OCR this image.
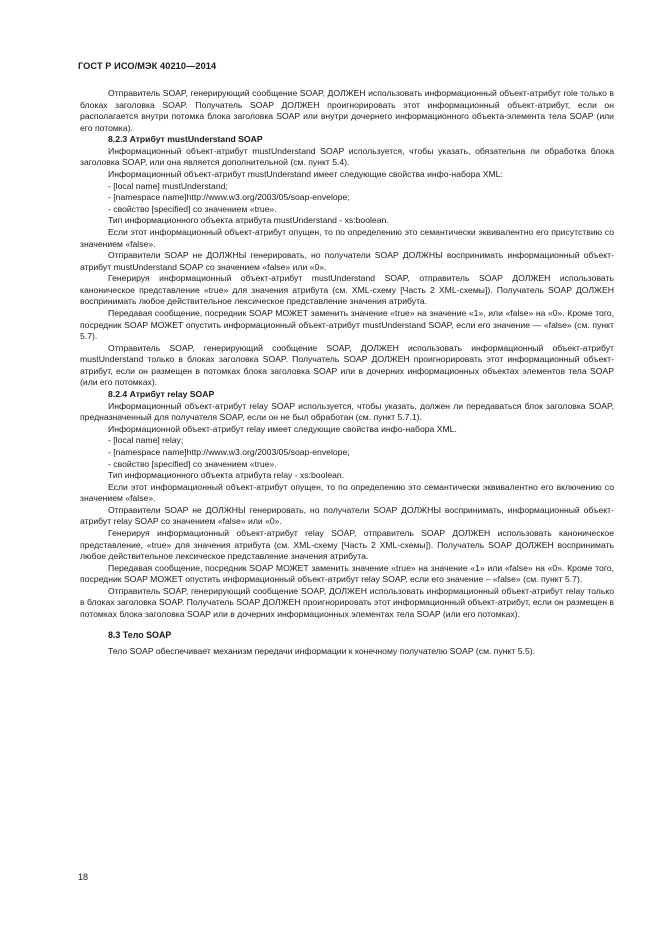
ГОСТ Р ИСО/МЭК 40210—2014

Отправитель SOAP, генерирующий сообщение SOAP, ДОЛЖЕН использовать информационный объект-атрибут role только в блоках заголовка SOAP. Получатель SOAP ДОЛЖЕН проигнорировать этот информационный объект-атрибут, если он располагается внутри потомка блока заголовка SOAP или внутри дочернего информационного объекта-элемента тела SOAP (или его потомка).

8.2.3 Атрибут mustUnderstand SOAP

Информационный объект-атрибут mustUnderstand SOAP используется, чтобы указать, обязательна ли обработка блока заголовка SOAP, или она является дополнительной (см. пункт 5.4).

Информационный объект-атрибут mustUnderstand имеет следующие свойства инфо-набора XML:

- [local name] mustUnderstand;

- [namespace name]http://www.w3.org/2003/05/soap-envelope;

- свойство [specified] со значением «true».

Тип информационного объекта атрибута mustUnderstand - xs:boolean.

Если этот информационный объект-атрибут опущен, то по определению это семантически эквивалентно его присутствию со значением «false».

Отправители SOAP не ДОЛЖНЫ генерировать, но получатели SOAP ДОЛЖНЫ воспринимать информационный объект-атрибут mustUnderstand SOAP со значением «false» или «0».

Генерируя информационный объект-атрибут mustUnderstand SOAP, отправитель SOAP ДОЛЖЕН использовать каноническое представление «true» для значения атрибута (см. XML-схему [Часть 2 XML-схемы]). Получатель SOAP ДОЛЖЕН воспринимать любое действительное лексическое представление значения атрибута.

Передавая сообщение, посредник SOAP МОЖЕТ заменить значение «true» на значение «1», или «false» на «0». Кроме того, посредник SOAP МОЖЕТ опустить информационный объект-атрибут mustUnderstand SOAP, если его значение — «false» (см. пункт 5.7).

Отправитель SOAP, генерирующий сообщение SOAP, ДОЛЖЕН использовать информационный объект-атрибут mustUnderstand только в блоках заголовка SOAP. Получатель SOAP ДОЛЖЕН проигнорировать этот информационный объект-атрибут, если он размещен в потомках блока заголовка SOAP или в дочерних информационных объектах элементов тела SOAP (или его потомках).

8.2.4 Атрибут relay SOAP

Информационный объект-атрибут relay SOAP используется, чтобы указать, должен ли передаваться блок заголовка SOAP, предназначенный для получателя SOAP, если он не был обработан (см. пункт 5.7.1).

Информационной объект-атрибут relay имеет следующие свойства инфо-набора XML.

- [local name] relay;

- [namespace name]http://www.w3.org/2003/05/soap-envelope;

- свойство [specified] со значением «true».

Тип информационного объекта атрибута relay - xs:boolean.

Если этот информационный объект-атрибут опущен, то по определению это семантически эквивалентно его включению со значением «false».

Отправители SOAP не ДОЛЖНЫ генерировать, но получатели SOAP ДОЛЖНЫ воспринимать, информационный объект-атрибут relay SOAP со значением «false» или «0».

Генерируя информационный объект-атрибут relay SOAP, отправитель SOAP ДОЛЖЕН использовать каноническое представление, «true» для значения атрибута (см. XML-схему [Часть 2 XML-схемы]). Получатель SOAP ДОЛЖЕН воспринимать любое действительное лексическое представление значения атрибута.

Передавая сообщение, посредник SOAP МОЖЕТ заменить значение «true» на значение «1» или «false» на «0». Кроме того, посредник SOAP МОЖЕТ опустить информационный объект-атрибут relay SOAP, если его значение – «false» (см. пункт 5.7).

Отправитель SOAP, генерирующий сообщение SOAP, ДОЛЖЕН использовать информационный объект-атрибут relay только в блоках заголовка SOAP. Получатель SOAP ДОЛЖЕН проигнорировать этот информационный объект-атрибут, если он размещен в потомках блока заголовка SOAP или в дочерних информационных элементах тела SOAP (или его потомках).

8.3 Тело SOAP

Тело SOAP обеспечивает механизм передачи информации к конечному получателю SOAP (см. пункт 5.5).

18
